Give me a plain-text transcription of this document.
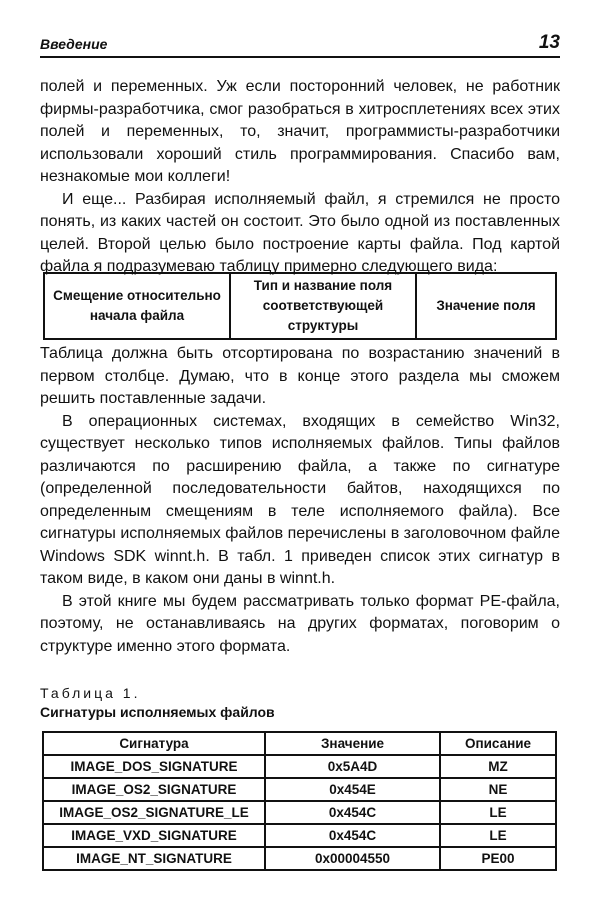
Введение	13

полей и переменных. Уж если посторонний человек, не работник фирмы-разработчика, смог разобраться в хитросплетениях всех этих полей и переменных, то, значит, программисты-разработчики использовали хороший стиль программирования. Спасибо вам, незнакомые мои коллеги!

И еще... Разбирая исполняемый файл, я стремился не просто понять, из каких частей он состоит. Это было одной из поставленных целей. Второй целью было построение карты файла. Под картой файла я подразумеваю таблицу примерно следующего вида:

Смещение относительно начала файла	Тип и название поля соответствующей структуры	Значение поля

Таблица должна быть отсортирована по возрастанию значений в первом столбце. Думаю, что в конце этого раздела мы сможем решить поставленные задачи.

В операционных системах, входящих в семейство Win32, существует несколько типов исполняемых файлов. Типы файлов различаются по расширению файла, а также по сигнатуре (определенной последовательности байтов, находящихся по определенным смещениям в теле исполняемого файла). Все сигнатуры исполняемых файлов перечислены в заголовочном файле Windows SDK winnt.h. В табл. 1 приведен список этих сигнатур в таком виде, в каком они даны в winnt.h.

В этой книге мы будем рассматривать только формат PE-файла, поэтому, не останавливаясь на других форматах, поговорим о структуре именно этого формата.

Таблица 1.
Сигнатуры исполняемых файлов
Сигнатура	Значение	Описание
IMAGE_DOS_SIGNATURE	0x5A4D	MZ
IMAGE_OS2_SIGNATURE	0x454E	NE
IMAGE_OS2_SIGNATURE_LE	0x454C	LE
IMAGE_VXD_SIGNATURE	0x454C	LE
IMAGE_NT_SIGNATURE	0x00004550	PE00
